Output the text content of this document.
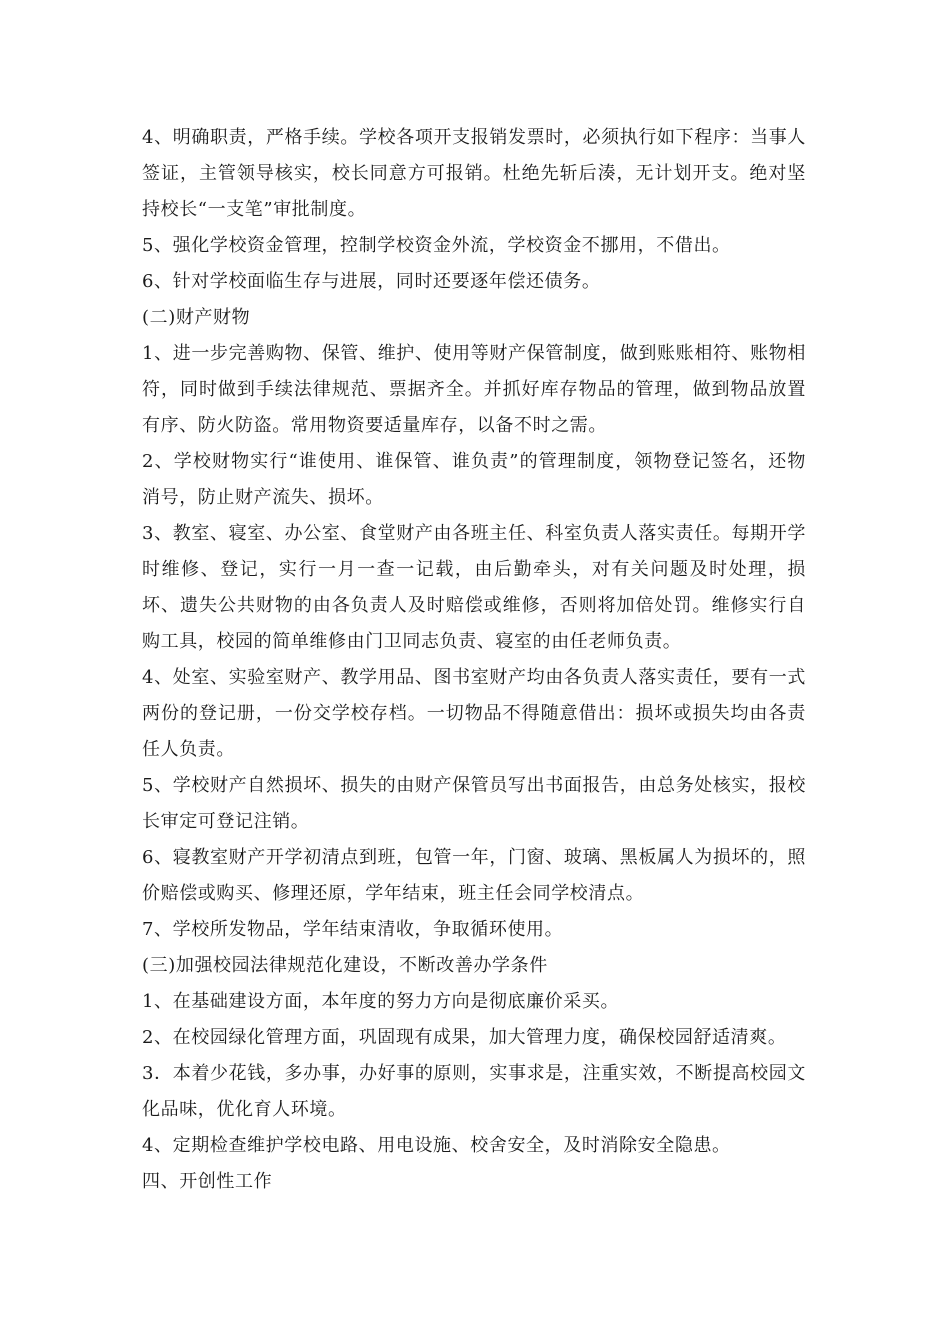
4、明确职责，严格手续。学校各项开支报销发票时，必须执行如下程序：当事人签证，主管领导核实，校长同意方可报销。杜绝先斩后湊，无计划开支。绝对坚持校长“一支笔”审批制度。

5、强化学校资金管理，控制学校资金外流，学校资金不挪用，不借出。

6、针对学校面临生存与进展，同时还要逐年偿还债务。

(二)财产财物

1、进一步完善购物、保管、维护、使用等财产保管制度，做到账账相符、账物相符，同时做到手续法律规范、票据齐全。并抓好库存物品的管理，做到物品放置有序、防火防盗。常用物资要适量库存，以备不时之需。

2、学校财物实行“谁使用、谁保管、谁负责”的管理制度，领物登记签名，还物消号，防止财产流失、损坏。

3、教室、寝室、办公室、食堂财产由各班主任、科室负责人落实责任。每期开学时维修、登记，实行一月一查一记载，由后勤牵头，对有关问题及时处理，损坏、遗失公共财物的由各负责人及时赔偿或维修，否则将加倍处罚。维修实行自购工具，校园的简单维修由门卫同志负责、寝室的由任老师负责。

4、处室、实验室财产、教学用品、图书室财产均由各负责人落实责任，要有一式两份的登记册，一份交学校存档。一切物品不得随意借出：损坏或损失均由各责任人负责。

5、学校财产自然损坏、损失的由财产保管员写出书面报告，由总务处核实，报校长审定可登记注销。

6、寝教室财产开学初清点到班，包管一年，门窗、玻璃、黑板属人为损坏的，照价赔偿或购买、修理还原，学年结束，班主任会同学校清点。

7、学校所发物品，学年结束清收，争取循环使用。

(三)加强校园法律规范化建设，不断改善办学条件

1、在基础建设方面，本年度的努力方向是彻底廉价采买。

2、在校园绿化管理方面，巩固现有成果，加大管理力度，确保校园舒适清爽。

3．本着少花钱，多办事，办好事的原则，实事求是，注重实效，不断提高校园文化品味，优化育人环境。

4、定期检查维护学校电路、用电设施、校舍安全，及时消除安全隐患。

四、开创性工作
